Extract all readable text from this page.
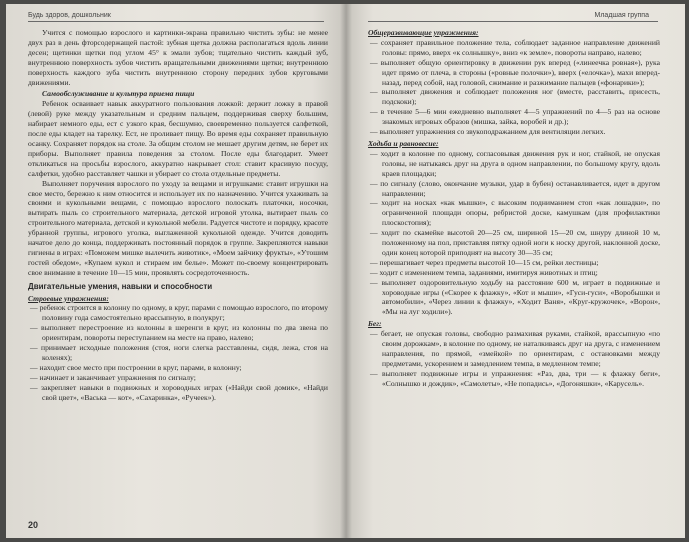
Будь здоров, дошкольник

Учится с помощью взрослого и картинки-экрана правильно чистить зубы: не менее двух раз в день фторсодержащей пастой: зубная щетка должна располагаться вдоль линии десен; щетинки щетки под углом 45° к эмали зубов; тщательно чистить каждый зуб, внутреннюю поверхность зубов чистить вращательными движениями щетки; внутреннюю поверхность каждого зуба чистить внутреннюю сторону передних зубов круговыми движениями.

Самообслуживание и культура приема пищи

Ребенок осваивает навык аккуратного пользования ложкой: держит ложку в правой (левой) руке между указательным и средним пальцем, поддерживая сверху большим, набирает немного еды, ест с узкого края, бесшумно, своевременно пользуется салфеткой, после еды кладет на тарелку. Ест, не проливает пищу. Во время еды сохраняет правильную осанку. Сохраняет порядок на столе. За общим столом не мешает другим детям, не берет их приборы. Выполняет правила поведения за столом. После еды благодарит. Умеет откликаться на просьбы взрослого, аккуратно накрывает стол: ставит красивую посуду, салфетки, удобно расставляет чашки и убирает со стола отдельные предметы.

Выполняет поручения взрослого по уходу за вещами и игрушками: ставит игрушки на свое место, бережно к ним относится и использует их по назначению. Учится ухаживать за своими и кукольными вещами, с помощью взрослого полоскать платочки, носочки, вытирать пыль со строительного материала, детской игровой утолка, вытирает пыль со строительного материала, детской и кукольной мебели. Радуется чистоте и порядку, красоте убранной группы, игрового уголка, выглаженной кукольной одежде. Учится доводить начатое дело до конца, поддерживать постоянный порядок в группе. Закрепляются навыки гигиены в играх: «Поможем мишке вылечить животик», «Моем зайчику фрукты», «Утошим гостей обедом», «Купаем кукол и стираем им белье». Может по-своему концентрировать свое внимание в течение 10—15 мин, проявлять сосредоточенность.

Двигательные умения, навыки и способности

Строевые упражнения:

— ребенок строится в колонну по одному, в круг, парами с помощью взрослого, по второму половину года самостоятельно врассыпную, в полукруг;

— выполняет перестроение из колонны в шеренги в круг, из колонны по два звена по ориентирам, повороты переступанием на месте на право, налево;

— принимает исходные положения (стоя, ноги слегка расставлены, сидя, лежа, стоя на коленях);

— находит свое место при построении в круг, парами, в колонну;

— начинает и заканчивает упражнения по сигналу;

— закрепляет навыки в подвижных и хороводных играх («Найди свой домик», «Найди свой цвет», «Васька — кот», «Сахаринка», «Ручеек»).

20
Младшая группа

Общеразвивающие упражнения:

— сохраняет правильное положение тела, соблюдает заданное направление движений головы: прямо, вверх «к солнышку», вниз «к земле», повороты направо, налево;

— выполняет общую ориентировку в движении рук вперед («линеечка ровная»), рука идет прямо от плеча, в стороны («ровные полочки»), вверх («елочка»), махи вперед-назад, перед собой, над головой, сжимание и разжимание пальцев («фонарики»);

— выполняет движения и соблюдает положения ног (вместе, расставить, присесть, подскоки);

— в течение 5—6 мин ежедневно выполняет 4—5 упражнений по 4—5 раз на основе знакомых игровых образов (мишка, зайка, воробей и др.);

— выполняет упражнения со звукоподражанием для вентиляции легких.

Ходьба и равновесие:

— ходит в колонне по одному, согласовывая движения рук и ног, стайкой, не опуская головы, не натыкаясь друг на друга в одном направлении, по большому кругу, вдоль краев площадки;

— по сигналу (слово, окончание музыки, удар в бубен) останавливается, идет в другом направлении;

— ходит на носках «как мышки», с высоким подниманием стоп «как лошадки», по ограниченной площади опоры, ребристой доске, камушкам (для профилактики плоскостопия);

— ходит по скамейке высотой 20—25 см, шириной 15—20 см, шнуру длиной 10 м, положенному на пол, приставляя пятку одной ноги к носку другой, наклонной доске, один конец которой приподнят на высоту 30—35 см;

— перешагивает через предметы высотой 10—15 см, рейки лестницы;

— ходит с изменением темпа, заданиями, имитируя животных и птиц;

— выполняет оздоровительную ходьбу на расстояние 600 м, играет в подвижные и хороводные игры («Скорее к флажку», «Кот и мыши», «Гуси-гуси», «Воробышки и автомобили», «Через линии к флажку», «Ходит Ваня», «Круг-кружочек», «Ворон», «Мы на луг ходили»).

Бег:

— бегает, не опуская головы, свободно размахивая руками, стайкой, врассыпную «по своим дорожкам», в колонне по одному, не наталкиваясь друг на друга, с изменением направления, по прямой, «змейкой» по ориентирам, с остановками между предметами, ускорением и замедлением темпа, в медленном темпе;

— выполняет подвижные игры и упражнения: «Раз, два, три — к флажку беги», «Солнышко и дождик», «Самолеты», «Не попадись», «Догоняшки», «Карусель».
